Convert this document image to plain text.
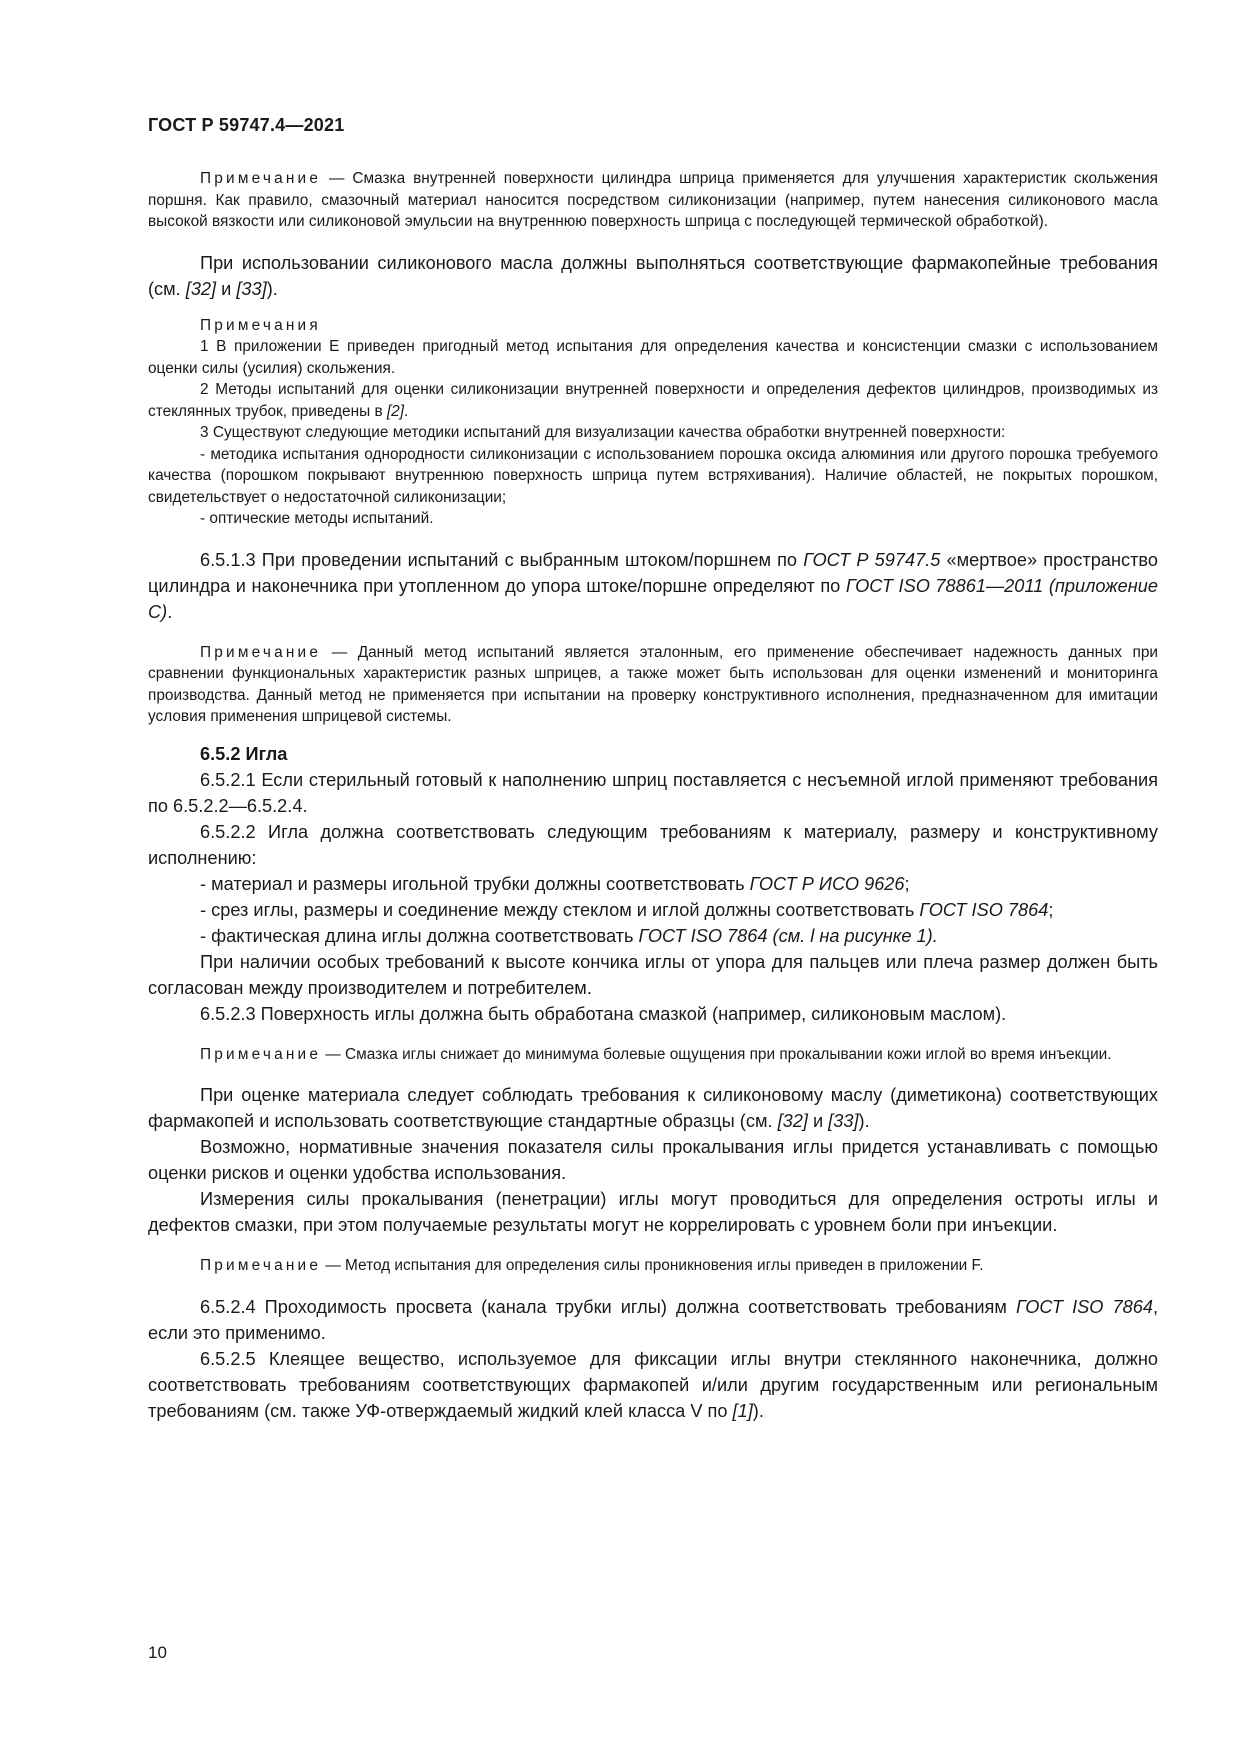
ГОСТ Р 59747.4—2021

Примечание — Смазка внутренней поверхности цилиндра шприца применяется для улучшения характеристик скольжения поршня. Как правило, смазочный материал наносится посредством силиконизации (например, путем нанесения силиконового масла высокой вязкости или силиконовой эмульсии на внутреннюю поверхность шприца с последующей термической обработкой).

При использовании силиконового масла должны выполняться соответствующие фармакопейные требования (см. [32] и [33]).

Примечания

1 В приложении Е приведен пригодный метод испытания для определения качества и консистенции смазки с использованием оценки силы (усилия) скольжения.

2 Методы испытаний для оценки силиконизации внутренней поверхности и определения дефектов цилиндров, производимых из стеклянных трубок, приведены в [2].

3 Существуют следующие методики испытаний для визуализации качества обработки внутренней поверхности:

- методика испытания однородности силиконизации с использованием порошка оксида алюминия или другого порошка требуемого качества (порошком покрывают внутреннюю поверхность шприца путем встряхивания). Наличие областей, не покрытых порошком, свидетельствует о недостаточной силиконизации;

- оптические методы испытаний.

6.5.1.3 При проведении испытаний с выбранным штоком/поршнем по ГОСТ Р 59747.5 «мертвое» пространство цилиндра и наконечника при утопленном до упора штоке/поршне определяют по ГОСТ ISO 78861—2011 (приложение С).

Примечание — Данный метод испытаний является эталонным, его применение обеспечивает надежность данных при сравнении функциональных характеристик разных шприцев, а также может быть использован для оценки изменений и мониторинга производства. Данный метод не применяется при испытании на проверку конструктивного исполнения, предназначенном для имитации условия применения шприцевой системы.

6.5.2 Игла

6.5.2.1 Если стерильный готовый к наполнению шприц поставляется с несъемной иглой применяют требования по 6.5.2.2—6.5.2.4.

6.5.2.2 Игла должна соответствовать следующим требованиям к материалу, размеру и конструктивному исполнению:

- материал и размеры игольной трубки должны соответствовать ГОСТ Р ИСО 9626;

- срез иглы, размеры и соединение между стеклом и иглой должны соответствовать ГОСТ ISO 7864;

- фактическая длина иглы должна соответствовать ГОСТ ISO 7864 (см. l на рисунке 1).

При наличии особых требований к высоте кончика иглы от упора для пальцев или плеча размер должен быть согласован между производителем и потребителем.

6.5.2.3 Поверхность иглы должна быть обработана смазкой (например, силиконовым маслом).

Примечание — Смазка иглы снижает до минимума болевые ощущения при прокалывании кожи иглой во время инъекции.

При оценке материала следует соблюдать требования к силиконовому маслу (диметикона) соответствующих фармакопей и использовать соответствующие стандартные образцы (см. [32] и [33]).

Возможно, нормативные значения показателя силы прокалывания иглы придется устанавливать с помощью оценки рисков и оценки удобства использования.

Измерения силы прокалывания (пенетрации) иглы могут проводиться для определения остроты иглы и дефектов смазки, при этом получаемые результаты могут не коррелировать с уровнем боли при инъекции.

Примечание — Метод испытания для определения силы проникновения иглы приведен в приложении F.

6.5.2.4 Проходимость просвета (канала трубки иглы) должна соответствовать требованиям ГОСТ ISO 7864, если это применимо.

6.5.2.5 Клеящее вещество, используемое для фиксации иглы внутри стеклянного наконечника, должно соответствовать требованиям соответствующих фармакопей и/или другим государственным или региональным требованиям (см. также УФ-отверждаемый жидкий клей класса V по [1]).

10
